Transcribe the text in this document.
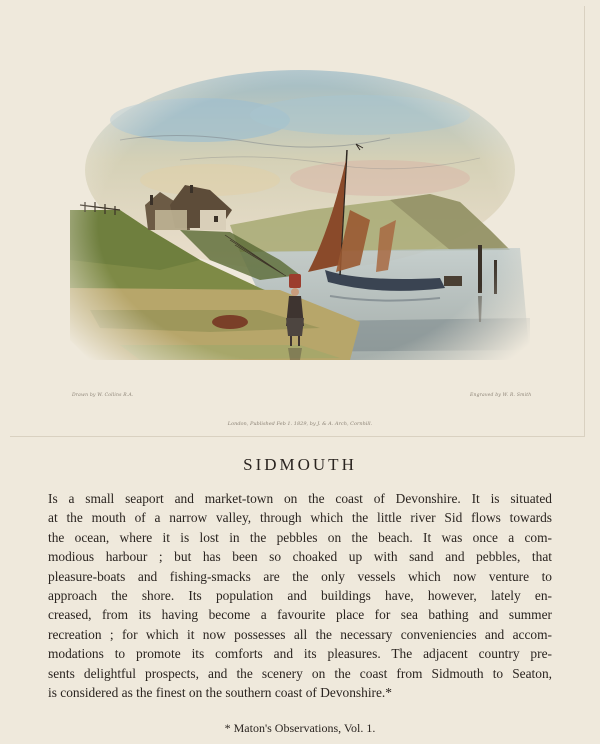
Drawn by W. Collins R.A.	Engraved by W. R. Smith
London, Published Feb 1. 1829, by J. & A. Arch, Cornhill.
SIDMOUTH
Is a small seaport and market-town on the coast of Devonshire. It is situated
at the mouth of a narrow valley, through which the little river Sid flows towards
the ocean, where it is lost in the pebbles on the beach. It was once a com-
modious harbour ; but has been so choaked up with sand and pebbles, that
pleasure-boats and fishing-smacks are the only vessels which now venture to
approach the shore. Its population and buildings have, however, lately en-
creased, from its having become a favourite place for sea bathing and summer
recreation ; for which it now possesses all the necessary conveniencies and accom-
modations to promote its comforts and its pleasures. The adjacent country pre-
sents delightful prospects, and the scenery on the coast from Sidmouth to Seaton,
is considered as the finest on the southern coast of Devonshire.*
* Maton's Observations, Vol. 1.
